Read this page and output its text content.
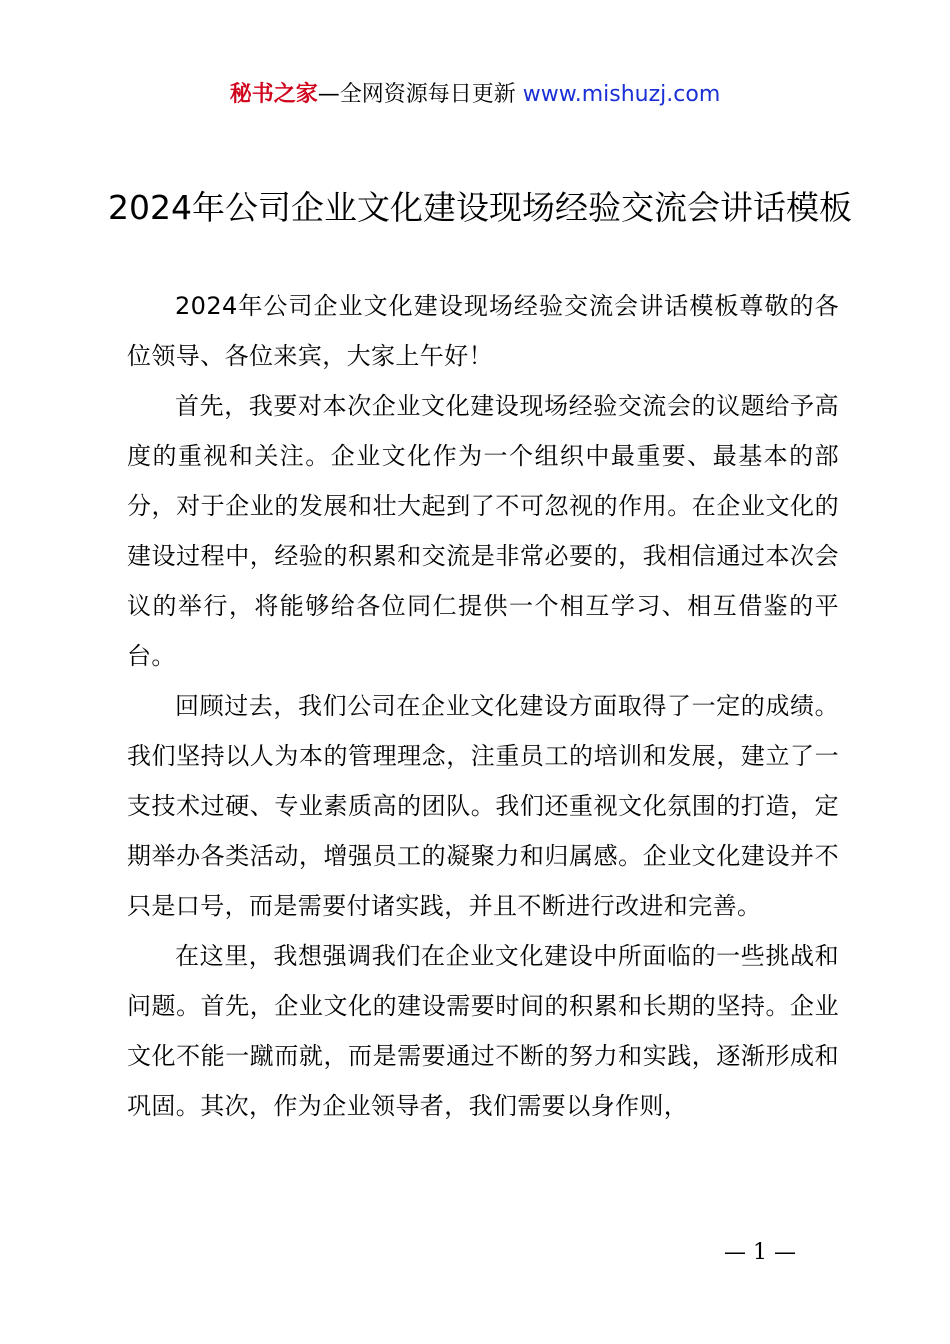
秘书之家—全网资源每日更新 www.mishuzj.com
2024年公司企业文化建设现场经验交流会讲话模板

2024年公司企业文化建设现场经验交流会讲话模板尊敬的各位领导、各位来宾，大家上午好！

首先，我要对本次企业文化建设现场经验交流会的议题给予高度的重视和关注。企业文化作为一个组织中最重要、最基本的部分，对于企业的发展和壮大起到了不可忽视的作用。在企业文化的建设过程中，经验的积累和交流是非常必要的，我相信通过本次会议的举行，将能够给各位同仁提供一个相互学习、相互借鉴的平台。

回顾过去，我们公司在企业文化建设方面取得了一定的成绩。我们坚持以人为本的管理理念，注重员工的培训和发展，建立了一支技术过硬、专业素质高的团队。我们还重视文化氛围的打造，定期举办各类活动，增强员工的凝聚力和归属感。企业文化建设并不只是口号，而是需要付诸实践，并且不断进行改进和完善。

在这里，我想强调我们在企业文化建设中所面临的一些挑战和问题。首先，企业文化的建设需要时间的积累和长期的坚持。企业文化不能一蹴而就，而是需要通过不断的努力和实践，逐渐形成和巩固。其次，作为企业领导者，我们需要以身作则，

— 1 —
